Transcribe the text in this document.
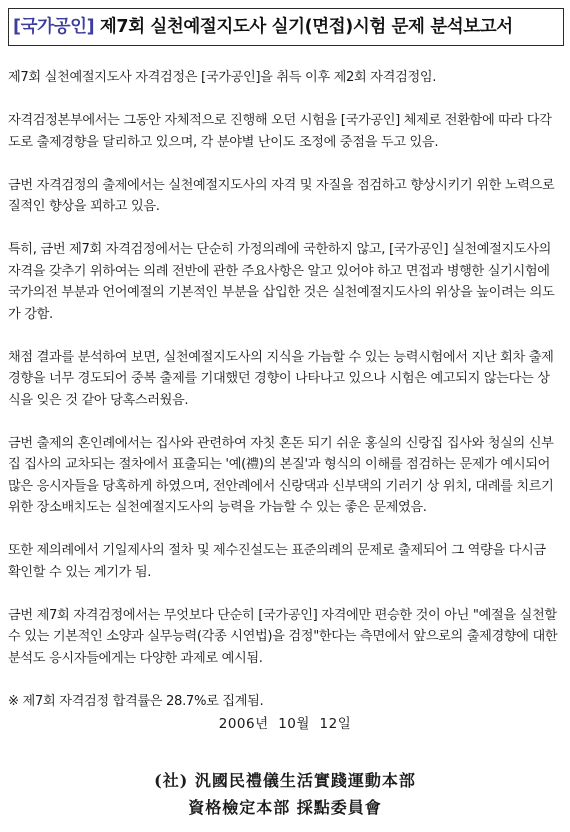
[국가공인] 제7회 실천예절지도사 실기(면접)시험 문제 분석보고서

제7회 실천예절지도사 자격검정은 [국가공인]을 취득 이후 제2회 자격검정임.

자격검정본부에서는 그동안 자체적으로 진행해 오던 시험을 [국가공인] 체제로 전환함에 따라 다각도로 출제경향을 달리하고 있으며, 각 분야별 난이도 조정에 중점을 두고 있음.

금번 자격검정의 출제에서는 실천예절지도사의 자격 및 자질을 점검하고 향상시키기 위한 노력으로 질적인 향상을 꾀하고 있음.

특히, 금번 제7회 자격검정에서는 단순히 가정의례에 국한하지 않고, [국가공인] 실천예절지도사의 자격을 갖추기 위하여는 의례 전반에 관한 주요사항은 알고 있어야 하고 면접과 병행한 실기시험에 국가의전 부분과 언어예절의 기본적인 부분을 삽입한 것은 실천예절지도사의 위상을 높이려는 의도가 강함.

채점 결과를 분석하여 보면, 실천예절지도사의 지식을 가늠할 수 있는 능력시험에서 지난 회차 출제 경향을 너무 경도되어 중복 출제를 기대했던 경향이 나타나고 있으나 시험은 예고되지 않는다는 상식을 잊은 것 같아 당혹스러웠음.

금번 출제의 혼인례에서는 집사와 관련하여 자칫 혼돈 되기 쉬운 홍실의 신랑집 집사와 청실의 신부집 집사의 교차되는 절차에서 표출되는 '예(禮)의 본질'과 형식의 이해를 점검하는 문제가 예시되어 많은 응시자들을 당혹하게 하였으며, 전안례에서 신랑댁과 신부댁의 기러기 상 위치, 대례를 치르기 위한 장소배치도는 실천예절지도사의 능력을 가늠할 수 있는 좋은 문제였음.

또한 제의례에서 기일제사의 절차 및 제수진설도는 표준의례의 문제로 출제되어 그 역량을 다시금 확인할 수 있는 계기가 됨.

금번 제7회 자격검정에서는 무엇보다 단순히 [국가공인] 자격에만 편승한 것이 아닌 "예절을 실천할 수 있는 기본적인 소양과 실무능력(각종 시연법)을 검정"한다는 측면에서 앞으로의 출제경향에 대한 분석도 응시자들에게는 다양한 과제로 예시됨.

※ 제7회 자격검정 합격률은 28.7%로 집계됨.

2006년  10월  12일
(社) 汎國民禮儀生活實踐運動本部
資格檢定本部 採點委員會
